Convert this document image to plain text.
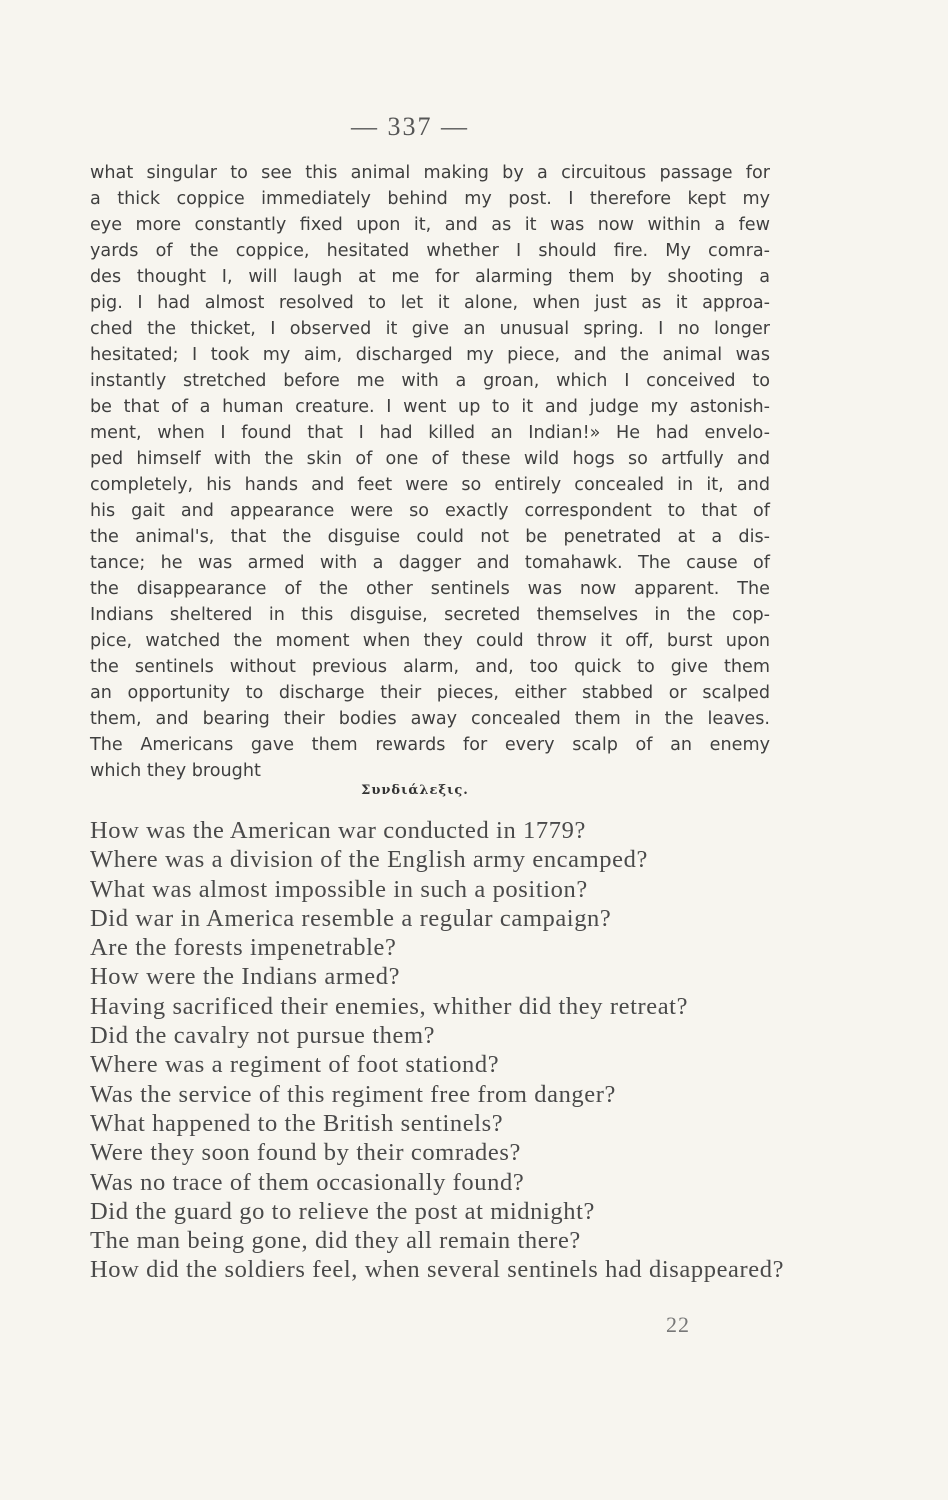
— 337 —
what singular to see this animal making by a circuitous passage for
a thick coppice immediately behind my post. I therefore kept my
eye more constantly fixed upon it, and as it was now within a few
yards of the coppice, hesitated whether I should fire. My comra-
des thought I, will laugh at me for alarming them by shooting a
pig. I had almost resolved to let it alone, when just as it approa-
ched the thicket, I observed it give an unusual spring. I no longer
hesitated; I took my aim, discharged my piece, and the animal was
instantly stretched before me with a groan, which I conceived to
be that of a human creature. I went up to it and judge my astonish-
ment, when I found that I had killed an Indian!» He had envelo-
ped himself with the skin of one of these wild hogs so artfully and
completely, his hands and feet were so entirely concealed in it, and
his gait and appearance were so exactly correspondent to that of
the animal's, that the disguise could not be penetrated at a dis-
tance; he was armed with a dagger and tomahawk. The cause of
the disappearance of the other sentinels was now apparent. The
Indians sheltered in this disguise, secreted themselves in the cop-
pice, watched the moment when they could throw it off, burst upon
the sentinels without previous alarm, and, too quick to give them
an opportunity to discharge their pieces, either stabbed or scalped
them, and bearing their bodies away concealed them in the leaves.
The Americans gave them rewards for every scalp of an enemy
which they brought
Συνδιάλεξις.
How was the American war conducted in 1779?
Where was a division of the English army encamped?
What was almost impossible in such a position?
Did war in America resemble a regular campaign?
Are the forests impenetrable?
How were the Indians armed?
Having sacrificed their enemies, whither did they retreat?
Did the cavalry not pursue them?
Where was a regiment of foot stationd?
Was the service of this regiment free from danger?
What happened to the British sentinels?
Were they soon found by their comrades?
Was no trace of them occasionally found?
Did the guard go to relieve the post at midnight?
The man being gone, did they all remain there?
How did the soldiers feel, when several sentinels had disappeared?
22
